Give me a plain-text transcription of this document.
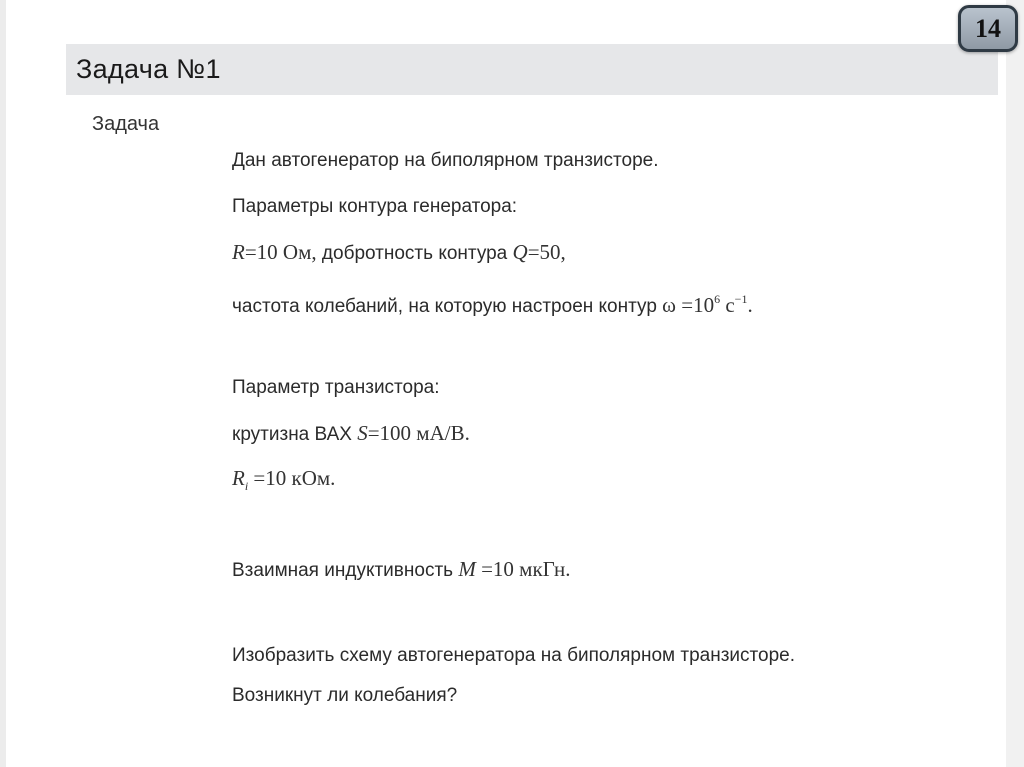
Задача №1
14
Задача
Дан автогенератор на биполярном транзисторе.
Параметры контура генератора:
R=10 Ом, добротность контура Q=50,
частота колебаний, на которую настроен контур $\omega =10^6$ $с^{-1}$.
Параметр транзистора:
крутизна ВАХ S=100 мА/В.
$R_i =10$ кОм.
Взаимная индуктивность M =10 мкГн.
Изобразить схему автогенератора на биполярном транзисторе.
Возникнут ли колебания?
